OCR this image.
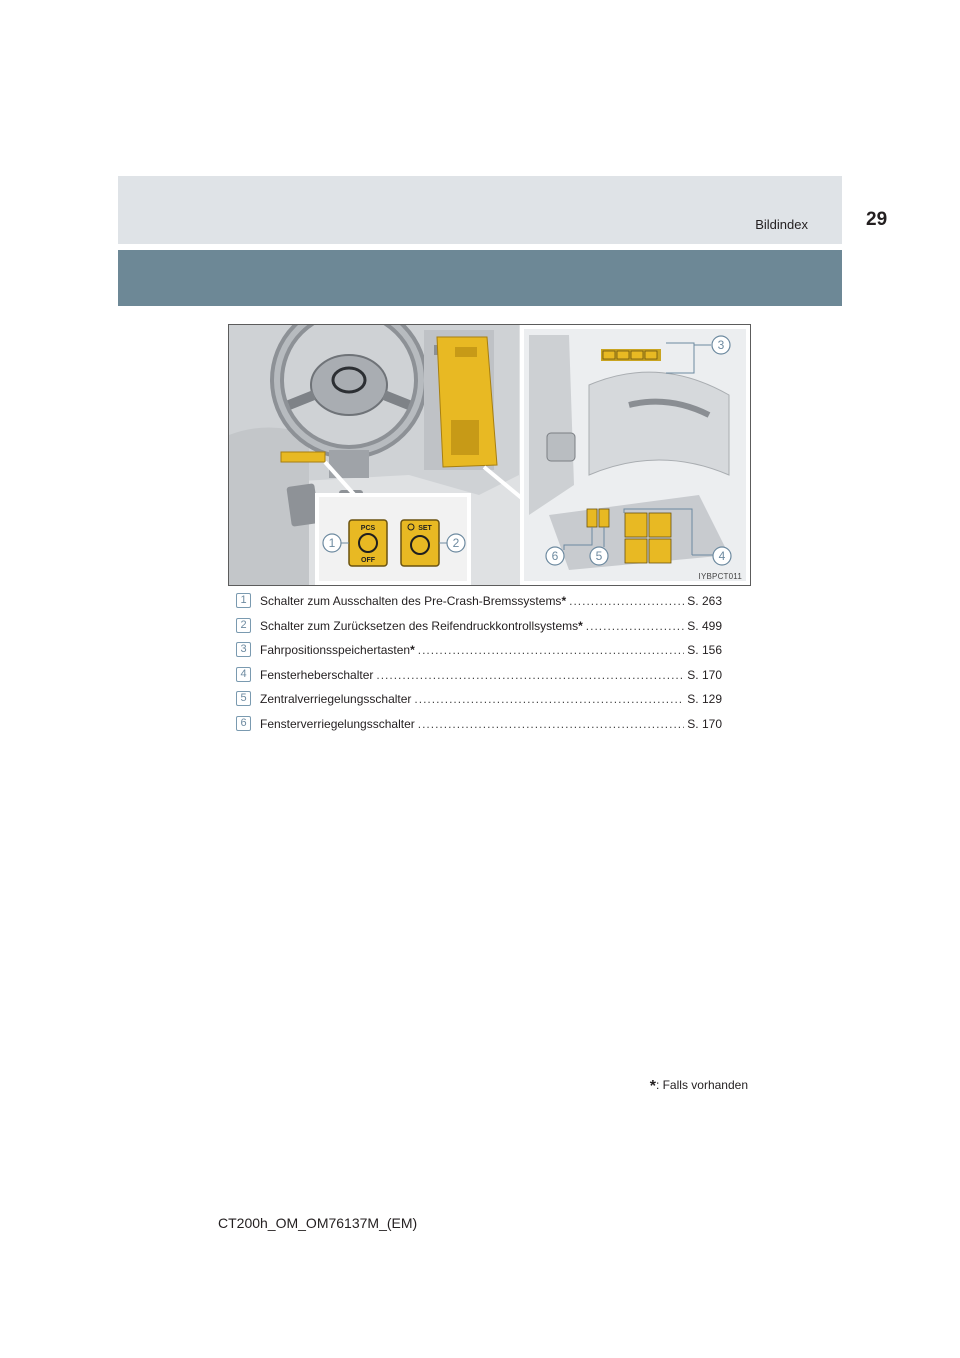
Bildindex	29
PCS
OFF
SET
1	2
3
4
6	5
IYBPCT011
1	Schalter zum Ausschalten des Pre-Crash-Bremssystems * .....	S. 263
2	Schalter zum Zurücksetzen des Reifendruckkontrollsystems * .....	S. 499
3	Fahrpositionsspeichertasten * .....	S. 156
4	Fensterheberschalter .....	S. 170
5	Zentralverriegelungsschalter .....	S. 129
6	Fensterverriegelungsschalter .....	S. 170
*: Falls vorhanden
CT200h_OM_OM76137M_(EM)
